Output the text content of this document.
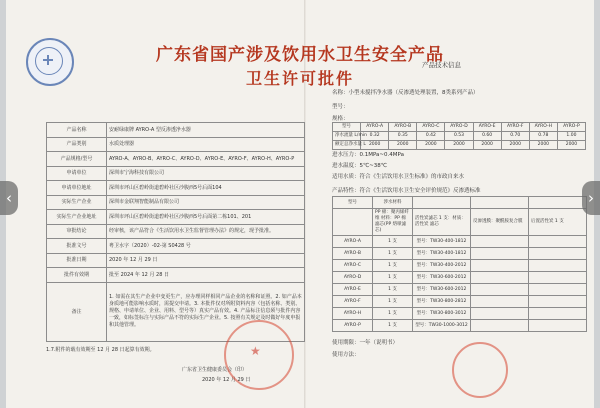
广东省国产涉及饮用水卫生安全产品
卫生许可批件
产品名称	安耐绿康牌 AYRO-A 型反渗透净水器
产品类别	水质处理器
产品规格/型号	AYRO-A、AYRO-B、AYRO-C、AYRO-D、AYRO-E、AYRO-F、AYRO-H、AYRO-P
申请单位	深圳市宁海科技有限公司
申请单位地址	深圳市坪山区碧岭街道碧岭社区沙腹西5号后面104
实际生产企业	深圳市金联翔智能制品有限公司
实际生产企业地址	深圳市坪山区碧岭街道碧岭社区沙腹西5号后面第二栋101、201
审批结论	经审核，该产品符合《生活饮用水卫生监督管理办法》的规定，现予批准。
批准文号	粤卫水字（2020）-02-第 S0428 号
批准日期	2020 年 12 月 29 日
批件有效期	批至 2024 年 12 月 28 日
备注	1. 如需在其生产企业中变更生产，应办理同样相同产品企业的名称和证照。2. 如产品本身质地可能影响水质时，需提交申请。3. 本批件仅对所附资料内容（包括名称、类别、规格、申请单位、企业、用料、型号等）真实产品有效。4. 产品标注信息须与批件内容一致，如标签标注与实际产品不符的实际生产企业。5. 按照有关规定及时做好年度申报和其他管理。
1.7.附件的载有效期至 12 月 28 日起算有效期。
广东省卫生健康委员会（印）
2020 年 12 月 29 日
★
产品技术信息
名称：小型未搅拌净水器（反渗透处理装置，8类系列产品）
型号：
规格：
型号	AYRO-A	AYRO-B	AYRO-C	AYRO-D	AYRO-E	AYRO-F	AYRO-H	AYRO-P
净水流量 L/min	0.32	0.35	0.42	0.53	0.60	0.70	0.78	1.00
额定总净水量 L	2000	2000	2000	2000	2000	2000	2000	2000
进水压力：0.1MPa~0.4MPa
进水温度：5℃~38℃
适用水质：符合《生活饮用水卫生标准》的市政自来水
产品特性：符合《生活饮用水卫生安全评价规范》反渗透标准
型号	涉水材料			
	PP 棉：聚丙烯纤维 材料：PP 棉滤芯(PP 熔喷滤芯)	活性炭滤芯 1 支：材质：活性炭 滤芯	反渗透膜：聚酰胺复合膜	后置活性炭 1 支
AYRO-A	1 支	型号：TW30-400-1812		
AYRO-B	1 支	型号：TW30-400-1812		
AYRO-C	1 支	型号：TW30-400-2012		
AYRO-D	1 支	型号：TW30-600-2012		
AYRO-E	1 支	型号：TW30-600-2012		
AYRO-F	1 支	型号：TW30-800-2812		
AYRO-H	1 支	型号：TW30-800-3012		
AYRO-P	1 支	型号：TW30-1000-3012		
使用期限：一年（说明书）
使用方法：
‹	›
